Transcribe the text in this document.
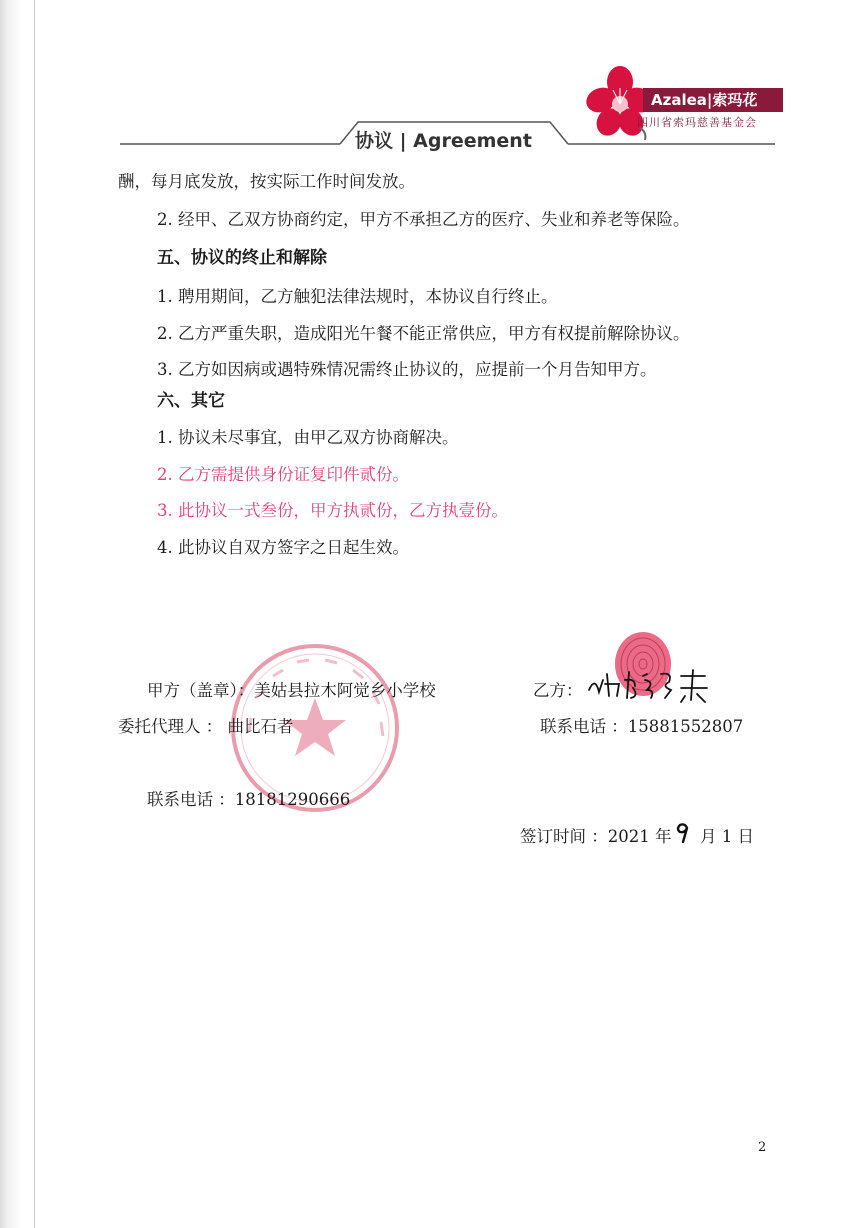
Azalea|索玛花
四川省索玛慈善基金会
协议 | Agreement
酬，每月底发放，按实际工作时间发放。
2. 经甲、乙双方协商约定，甲方不承担乙方的医疗、失业和养老等保险。
五、协议的终止和解除
1. 聘用期间，乙方触犯法律法规时，本协议自行终止。
2. 乙方严重失职，造成阳光午餐不能正常供应，甲方有权提前解除协议。
3. 乙方如因病或遇特殊情况需终止协议的，应提前一个月告知甲方。
六、其它
1. 协议未尽事宜，由甲乙双方协商解决。
2. 乙方需提供身份证复印件贰份。
3. 此协议一式叁份，甲方执贰份，乙方执壹份。
4. 此协议自双方签字之日起生效。
甲方（盖章）：美姑县拉木阿觉乡小学校	乙方：
委托代理人 ： 曲比石者	联系电话 ：15881552807
联系电话 ：18181290666
签订时间 ：2021 年 月 1 日
2
